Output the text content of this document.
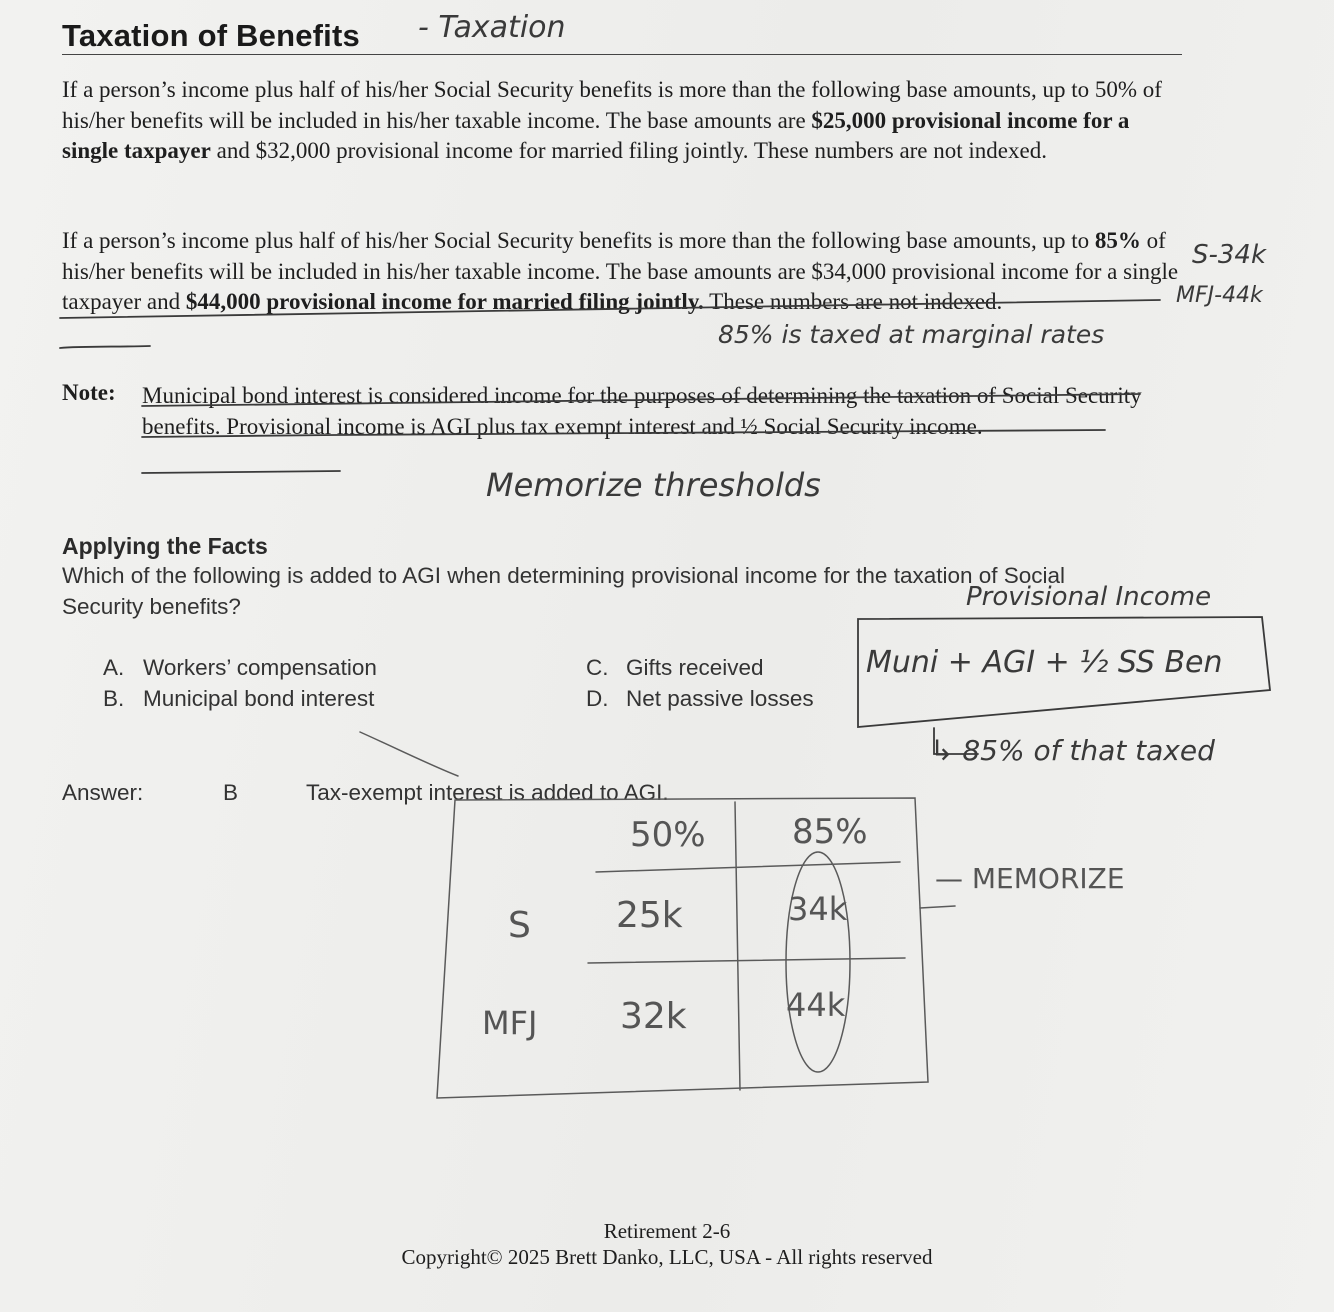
Taxation of Benefits

If a person’s income plus half of his/her Social Security benefits is more than the following base amounts, up to 50% of his/her benefits will be included in his/her taxable income. The base amounts are $25,000 provisional income for a single taxpayer and $32,000 provisional income for married filing jointly. These numbers are not indexed.

If a person’s income plus half of his/her Social Security benefits is more than the following base amounts, up to 85% of his/her benefits will be included in his/her taxable income. The base amounts are $34,000 provisional income for a single taxpayer and $44,000 provisional income for married filing jointly. These numbers are not indexed.

Note: Municipal bond interest is considered income for the purposes of determining the taxation of Social Security benefits. Provisional income is AGI plus tax exempt interest and ½ Social Security income.
Applying the Facts
Which of the following is added to AGI when determining provisional income for the taxation of Social Security benefits?
A. Workers’ compensation
B. Municipal bond interest
C. Gifts received
D. Net passive losses
Answer:	B	Tax-exempt interest is added to AGI.
Retirement 2-6
Copyright© 2025 Brett Danko, LLC, USA - All rights reserved
- Taxation
S-34k
MFJ-44k
85% is taxed at marginal rates
Memorize thresholds
Provisional Income
Muni + AGI + ½ SS Ben
↳ 85% of that taxed
— MEMORIZE
50%	85%
S 25k	34k
MFJ 32k	44k
